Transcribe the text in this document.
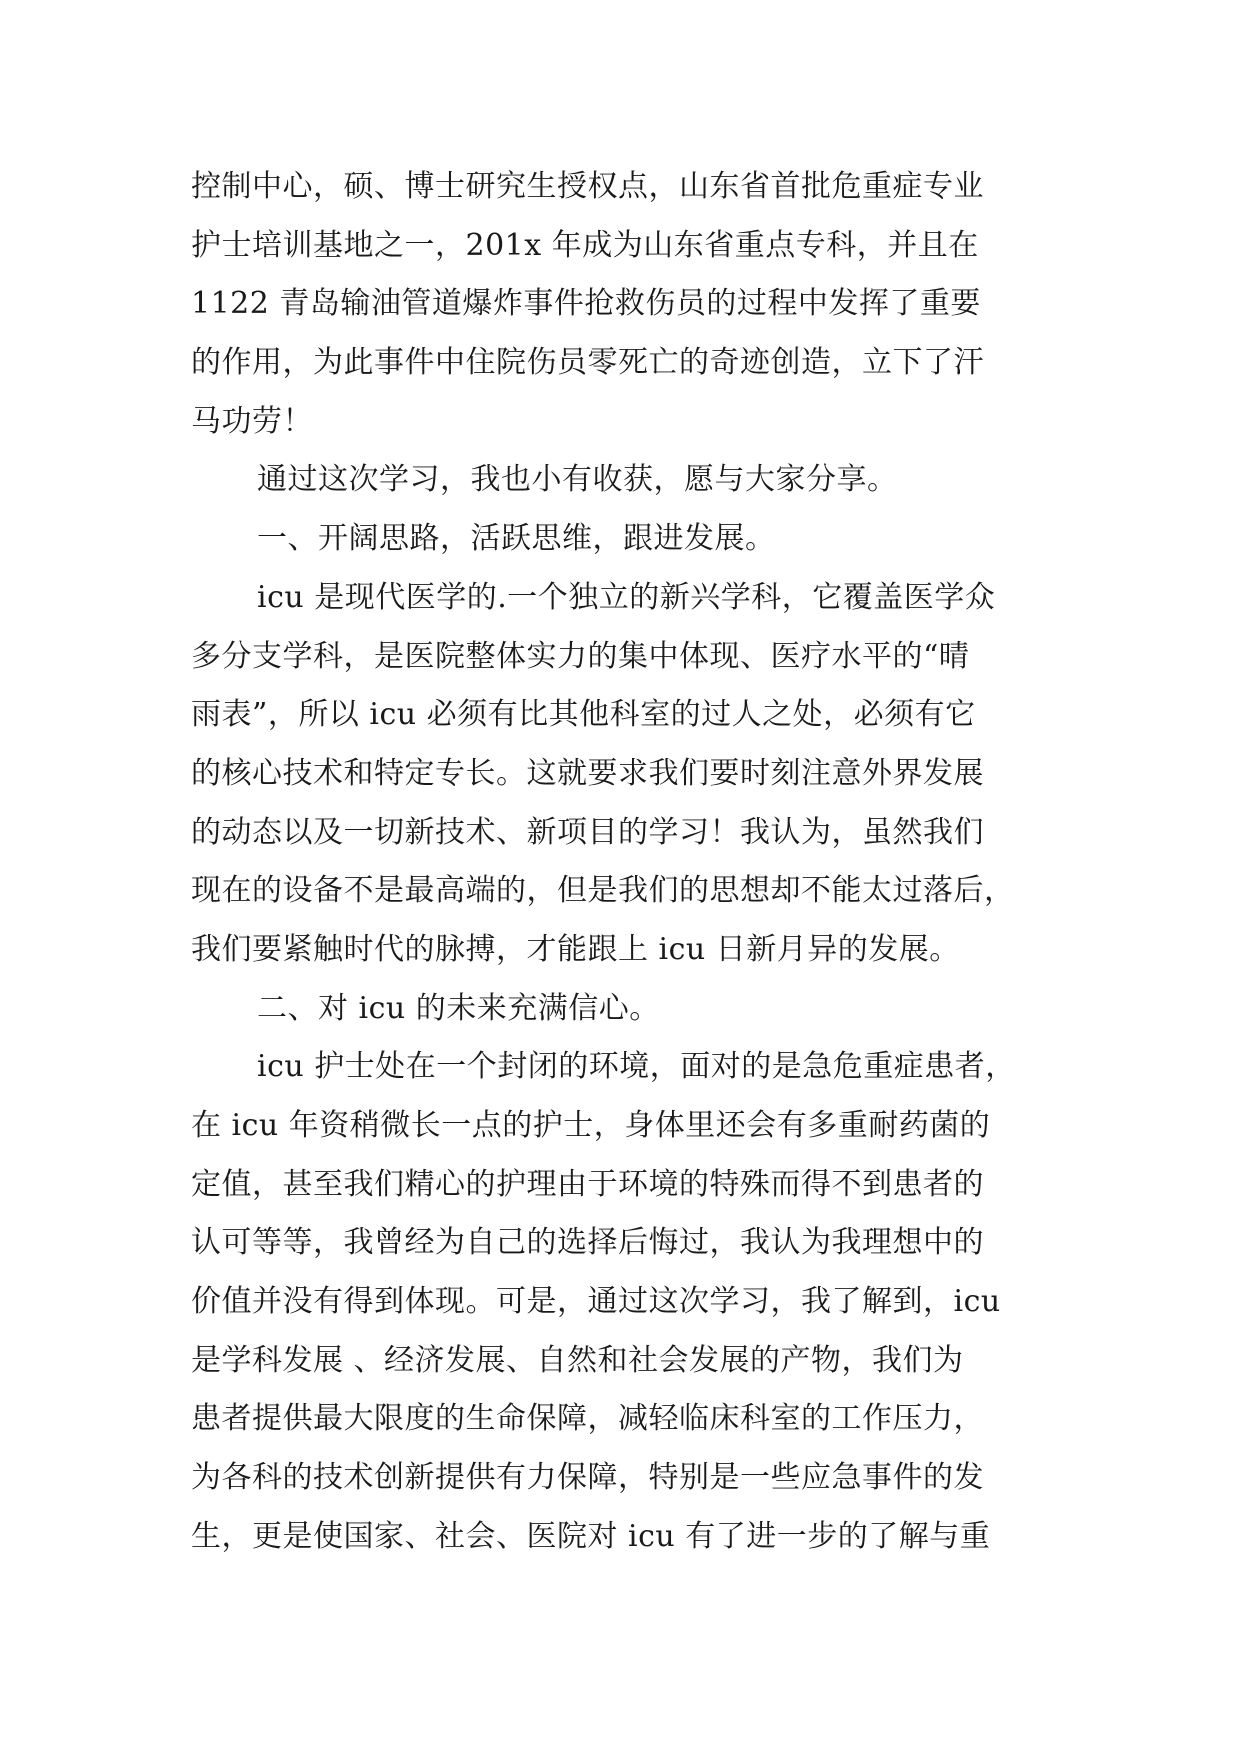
控制中心，硕、博士研究生授权点，山东省首批危重症专业
护士培训基地之一，201x 年成为山东省重点专科，并且在
1122 青岛输油管道爆炸事件抢救伤员的过程中发挥了重要
的作用，为此事件中住院伤员零死亡的奇迹创造，立下了汗
马功劳！
通过这次学习，我也小有收获，愿与大家分享。
一、开阔思路，活跃思维，跟进发展。
icu 是现代医学的.一个独立的新兴学科，它覆盖医学众
多分支学科，是医院整体实力的集中体现、医疗水平的“晴
雨表”，所以 icu 必须有比其他科室的过人之处，必须有它
的核心技术和特定专长。这就要求我们要时刻注意外界发展
的动态以及一切新技术、新项目的学习！我认为，虽然我们
现在的设备不是最高端的，但是我们的思想却不能太过落后，
我们要紧触时代的脉搏，才能跟上 icu 日新月异的发展。
二、对 icu 的未来充满信心。
icu 护士处在一个封闭的环境，面对的是急危重症患者，
在 icu 年资稍微长一点的护士，身体里还会有多重耐药菌的
定值，甚至我们精心的护理由于环境的特殊而得不到患者的
认可等等，我曾经为自己的选择后悔过，我认为我理想中的
价值并没有得到体现。可是，通过这次学习，我了解到，icu
是学科发展 、经济发展、自然和社会发展的产物，我们为
患者提供最大限度的生命保障，减轻临床科室的工作压力，
为各科的技术创新提供有力保障，特别是一些应急事件的发
生，更是使国家、社会、医院对 icu 有了进一步的了解与重
